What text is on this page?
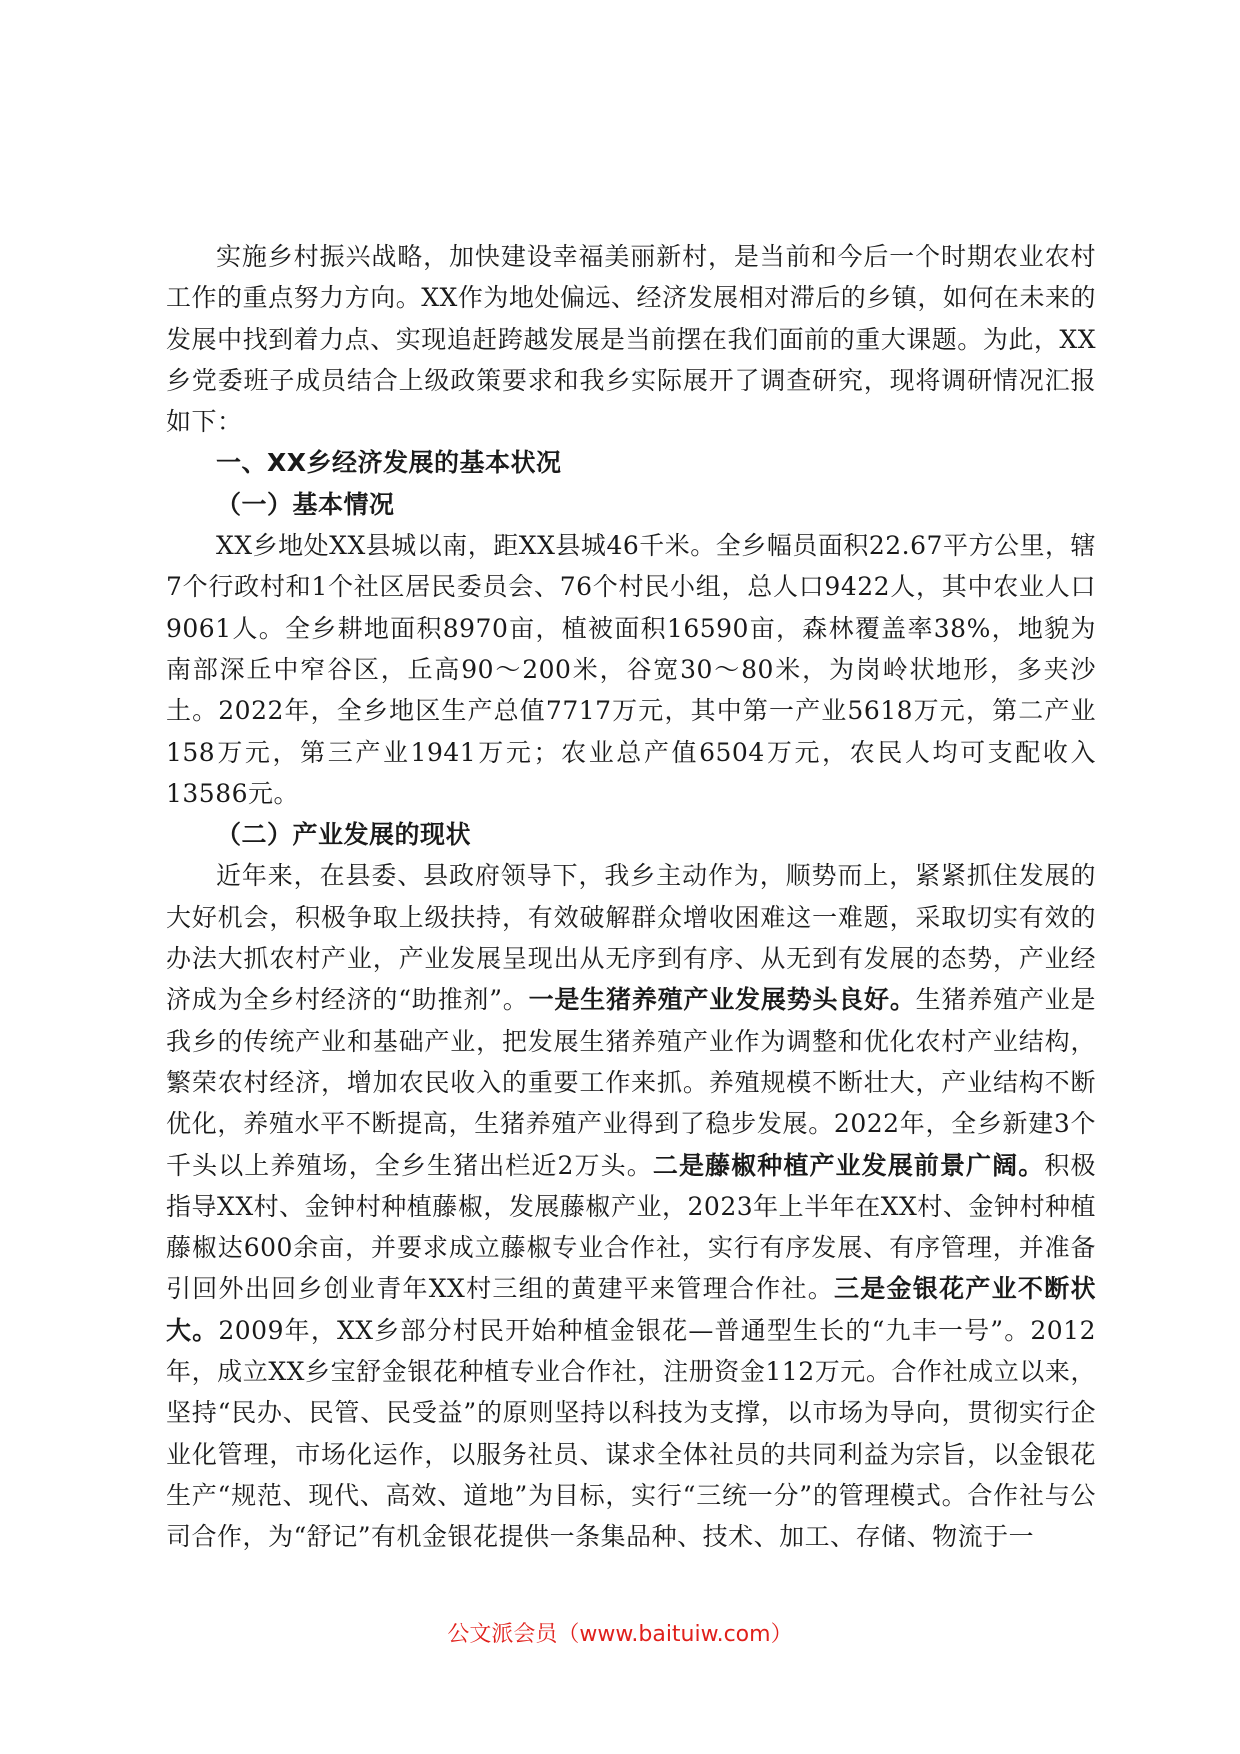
实施乡村振兴战略，加快建设幸福美丽新村，是当前和今后一个时期农业农村工作的重点努力方向。XX作为地处偏远、经济发展相对滞后的乡镇，如何在未来的发展中找到着力点、实现追赶跨越发展是当前摆在我们面前的重大课题。为此，XX乡党委班子成员结合上级政策要求和我乡实际展开了调查研究，现将调研情况汇报如下：

一、XX乡经济发展的基本状况

（一）基本情况

XX乡地处XX县城以南，距XX县城46千米。全乡幅员面积22.67平方公里，辖7个行政村和1个社区居民委员会、76个村民小组，总人口9422人，其中农业人口9061人。全乡耕地面积8970亩，植被面积16590亩，森林覆盖率38%，地貌为南部深丘中窄谷区，丘高90～200米，谷宽30～80米，为岗岭状地形，多夹沙土。2022年，全乡地区生产总值7717万元，其中第一产业5618万元，第二产业158万元，第三产业1941万元；农业总产值6504万元，农民人均可支配收入13586元。

（二）产业发展的现状

近年来，在县委、县政府领导下，我乡主动作为，顺势而上，紧紧抓住发展的大好机会，积极争取上级扶持，有效破解群众增收困难这一难题，采取切实有效的办法大抓农村产业，产业发展呈现出从无序到有序、从无到有发展的态势，产业经济成为全乡村经济的“助推剂”。一是生猪养殖产业发展势头良好。生猪养殖产业是我乡的传统产业和基础产业，把发展生猪养殖产业作为调整和优化农村产业结构，繁荣农村经济，增加农民收入的重要工作来抓。养殖规模不断壮大，产业结构不断优化，养殖水平不断提高，生猪养殖产业得到了稳步发展。2022年，全乡新建3个千头以上养殖场，全乡生猪出栏近2万头。二是藤椒种植产业发展前景广阔。积极指导XX村、金钟村种植藤椒，发展藤椒产业，2023年上半年在XX村、金钟村种植藤椒达600余亩，并要求成立藤椒专业合作社，实行有序发展、有序管理，并准备引回外出回乡创业青年XX村三组的黄建平来管理合作社。三是金银花产业不断状大。2009年，XX乡部分村民开始种植金银花—普通型生长的“九丰一号”。2012年，成立XX乡宝舒金银花种植专业合作社，注册资金112万元。合作社成立以来，坚持“民办、民管、民受益”的原则坚持以科技为支撑，以市场为导向，贯彻实行企业化管理，市场化运作，以服务社员、谋求全体社员的共同利益为宗旨，以金银花生产“规范、现代、高效、道地”为目标，实行“三统一分”的管理模式。合作社与公司合作，为“舒记”有机金银花提供一条集品种、技术、加工、存储、物流于一

公文派会员（www.baituiw.com）
